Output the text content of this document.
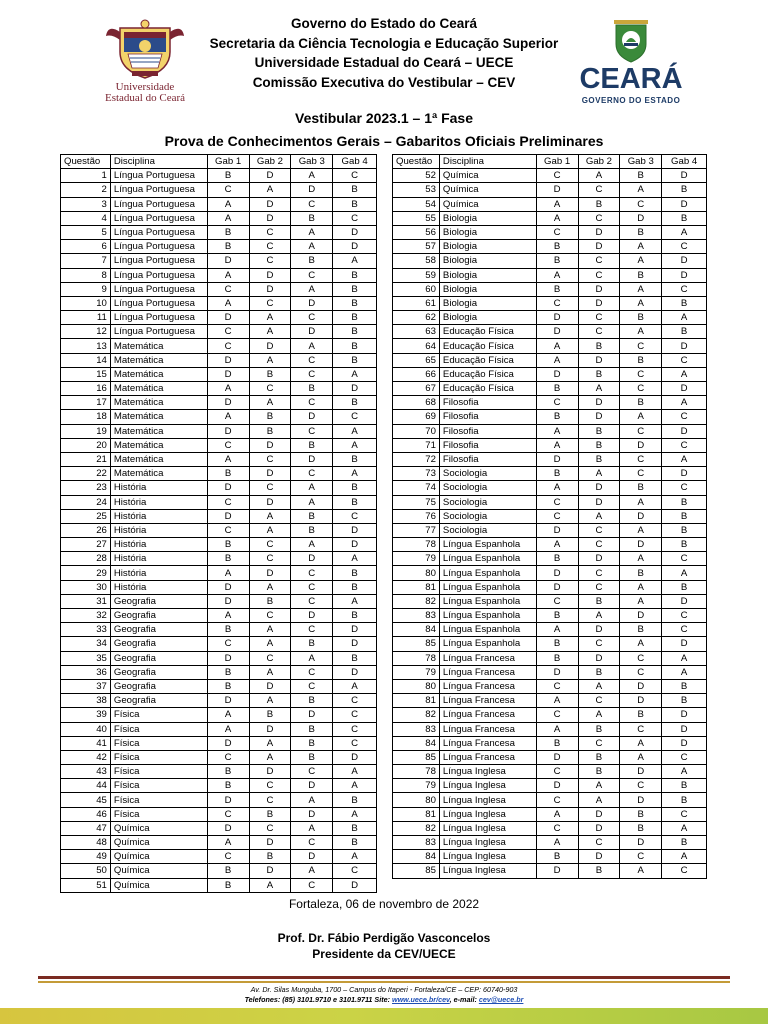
Governo do Estado do Ceará
Secretaria da Ciência Tecnologia e Educação Superior
Universidade Estadual do Ceará – UECE
Comissão Executiva do Vestibular – CEV
Universidade
Estadual do Ceará
CEARÁ
GOVERNO DO ESTADO
Vestibular 2023.1 – 1ª Fase
Prova de Conhecimentos Gerais – Gabaritos Oficiais Preliminares
Questão	Disciplina	Gab 1	Gab 2	Gab 3	Gab 4
1	Língua Portuguesa	B	D	A	C
2	Língua Portuguesa	C	A	D	B
3	Língua Portuguesa	A	D	C	B
4	Língua Portuguesa	A	D	B	C
5	Língua Portuguesa	B	C	A	D
6	Língua Portuguesa	B	C	A	D
7	Língua Portuguesa	D	C	B	A
8	Língua Portuguesa	A	D	C	B
9	Língua Portuguesa	C	D	A	B
10	Língua Portuguesa	A	C	D	B
11	Língua Portuguesa	D	A	C	B
12	Língua Portuguesa	C	A	D	B
13	Matemática	C	D	A	B
14	Matemática	D	A	C	B
15	Matemática	D	B	C	A
16	Matemática	A	C	B	D
17	Matemática	D	A	C	B
18	Matemática	A	B	D	C
19	Matemática	D	B	C	A
20	Matemática	C	D	B	A
21	Matemática	A	C	D	B
22	Matemática	B	D	C	A
23	História	D	C	A	B
24	História	C	D	A	B
25	História	D	A	B	C
26	História	C	A	B	D
27	História	B	C	A	D
28	História	B	C	D	A
29	História	A	D	C	B
30	História	D	A	C	B
31	Geografia	D	B	C	A
32	Geografia	A	C	D	B
33	Geografia	B	A	C	D
34	Geografia	C	A	B	D
35	Geografia	D	C	A	B
36	Geografia	B	A	C	D
37	Geografia	B	D	C	A
38	Geografia	D	A	B	C
39	Física	A	B	D	C
40	Física	A	D	B	C
41	Física	D	A	B	C
42	Física	C	A	B	D
43	Física	B	D	C	A
44	Física	B	C	D	A
45	Física	D	C	A	B
46	Física	C	B	D	A
47	Química	D	C	A	B
48	Química	A	D	C	B
49	Química	C	B	D	A
50	Química	B	D	A	C
51	Química	B	A	C	D
Questão	Disciplina	Gab 1	Gab 2	Gab 3	Gab 4
52	Química	C	A	B	D
53	Química	D	C	A	B
54	Química	A	B	C	D
55	Biologia	A	C	D	B
56	Biologia	C	D	B	A
57	Biologia	B	D	A	C
58	Biologia	B	C	A	D
59	Biologia	A	C	B	D
60	Biologia	B	D	A	C
61	Biologia	C	D	A	B
62	Biologia	D	C	B	A
63	Educação Física	D	C	A	B
64	Educação Física	A	B	C	D
65	Educação Física	A	D	B	C
66	Educação Física	D	B	C	A
67	Educação Física	B	A	C	D
68	Filosofia	C	D	B	A
69	Filosofia	B	D	A	C
70	Filosofia	A	B	C	D
71	Filosofia	A	B	D	C
72	Filosofia	D	B	C	A
73	Sociologia	B	A	C	D
74	Sociologia	A	D	B	C
75	Sociologia	C	D	A	B
76	Sociologia	C	A	D	B
77	Sociologia	D	C	A	B
78	Língua Espanhola	A	C	D	B
79	Língua Espanhola	B	D	A	C
80	Língua Espanhola	D	C	B	A
81	Língua Espanhola	D	C	A	B
82	Língua Espanhola	C	B	A	D
83	Língua Espanhola	B	A	D	C
84	Língua Espanhola	A	D	B	C
85	Língua Espanhola	B	C	A	D
78	Língua Francesa	B	D	C	A
79	Língua Francesa	D	B	C	A
80	Língua Francesa	C	A	D	B
81	Língua Francesa	A	C	D	B
82	Língua Francesa	C	A	B	D
83	Língua Francesa	A	B	C	D
84	Língua Francesa	B	C	A	D
85	Língua Francesa	D	B	A	C
78	Língua Inglesa	C	B	D	A
79	Língua Inglesa	D	A	C	B
80	Língua Inglesa	C	A	D	B
81	Língua Inglesa	A	D	B	C
82	Língua Inglesa	C	D	B	A
83	Língua Inglesa	A	C	D	B
84	Língua Inglesa	B	D	C	A
85	Língua Inglesa	D	B	A	C
Fortaleza, 06 de novembro de 2022
Prof. Dr. Fábio Perdigão Vasconcelos
Presidente da CEV/UECE
Av. Dr. Silas Munguba, 1700 – Campus do Itaperi - Fortaleza/CE – CEP: 60740-903
Telefones: (85) 3101.9710 e 3101.9711 Site: www.uece.br/cev, e-mail: cev@uece.br
